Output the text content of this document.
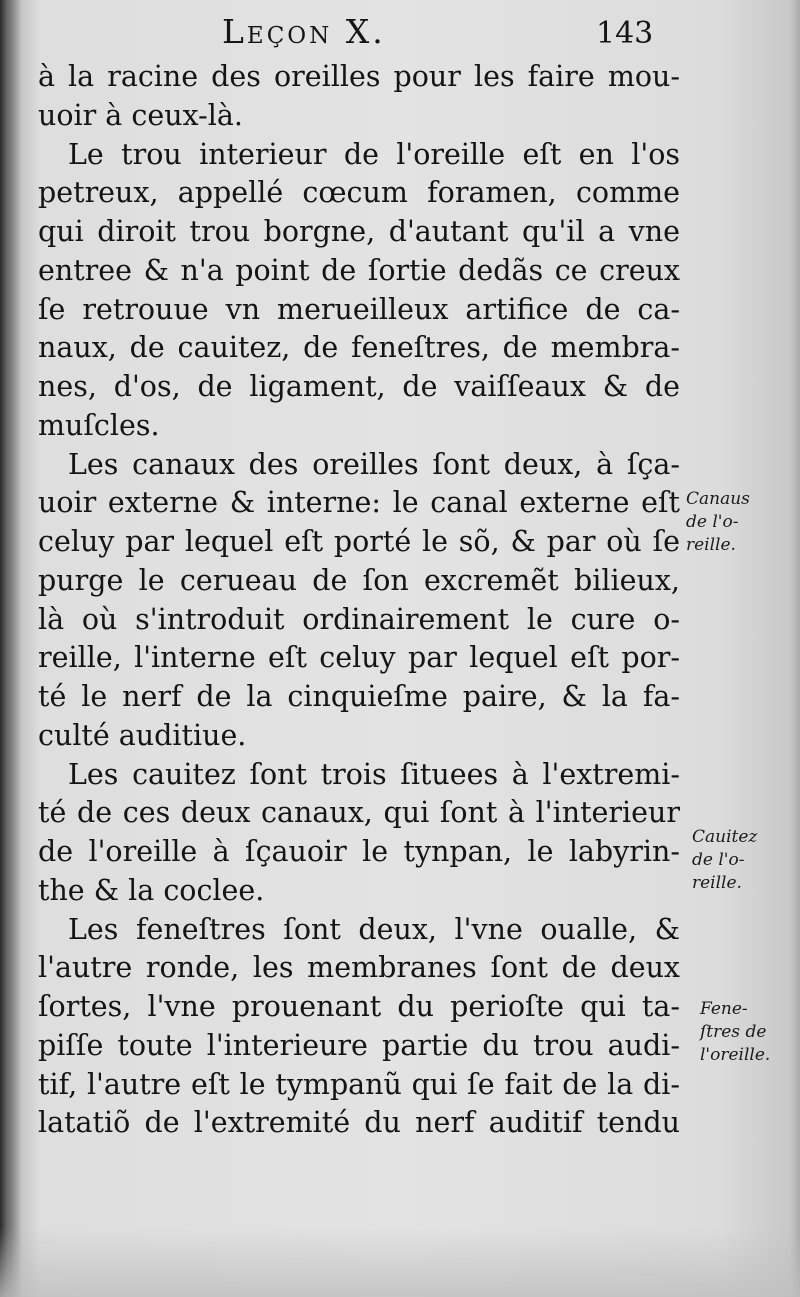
Leçon X.	143
à la racine des oreilles pour les faire mou-
uoir à ceux-là.
Le trou interieur de l'oreille eſt en l'os
petreux, appellé cœcum foramen, comme
qui diroit trou borgne, d'autant qu'il a vne
entree & n'a point de ſortie dedãs ce creux
ſe retrouue vn merueilleux artifice de ca-
naux, de cauitez, de feneſtres, de membra-
nes, d'os, de ligament, de vaiſſeaux & de
muſcles.
Les canaux des oreilles ſont deux, à ſça-
uoir externe & interne: le canal externe eſt
celuy par lequel eſt porté le sõ, & par où ſe
purge le cerueau de ſon excremẽt bilieux,
là où s'introduit ordinairement le cure o-
reille, l'interne eſt celuy par lequel eſt por-
té le nerf de la cinquieſme paire, & la fa-
culté auditiue.
Les cauitez ſont trois ſituees à l'extremi-
té de ces deux canaux, qui ſont à l'interieur
de l'oreille à ſçauoir le tynpan, le labyrin-
the & la coclee.
Les feneſtres ſont deux, l'vne oualle, &
l'autre ronde, les membranes ſont de deux
ſortes, l'vne prouenant du perioſte qui ta-
piſſe toute l'interieure partie du trou audi-
tif, l'autre eſt le tympanũ qui ſe fait de la di-
latatiõ de l'extremité du nerf auditif tendu
Canaus
de l'o-
reille.
Cauitez
de l'o-
reille.
Fene-
ſtres de
l'oreille.
